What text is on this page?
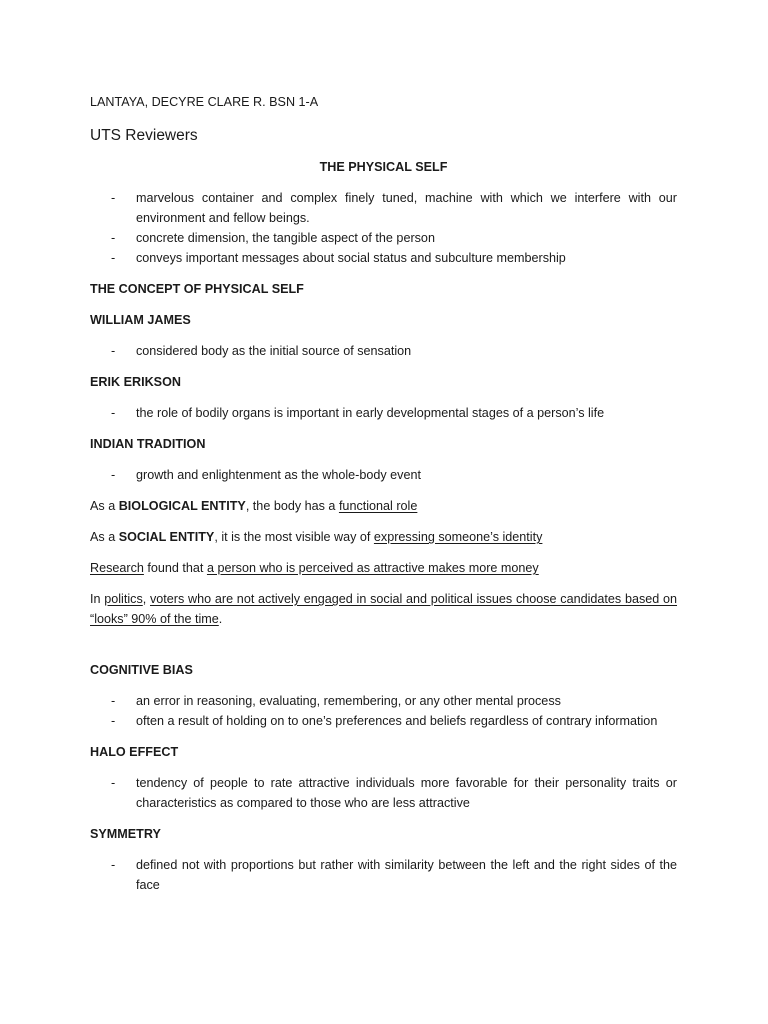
LANTAYA, DECYRE CLARE R. BSN 1-A

UTS Reviewers

THE PHYSICAL SELF

- marvelous container and complex finely tuned, machine with which we interfere with our environment and fellow beings.
- concrete dimension, the tangible aspect of the person
- conveys important messages about social status and subculture membership

THE CONCEPT OF PHYSICAL SELF

WILLIAM JAMES

- considered body as the initial source of sensation

ERIK ERIKSON

- the role of bodily organs is important in early developmental stages of a person’s life

INDIAN TRADITION

- growth and enlightenment as the whole-body event

As a BIOLOGICAL ENTITY, the body has a functional role

As a SOCIAL ENTITY, it is the most visible way of expressing someone’s identity

Research found that a person who is perceived as attractive makes more money

In politics, voters who are not actively engaged in social and political issues choose candidates based on “looks” 90% of the time.

COGNITIVE BIAS

- an error in reasoning, evaluating, remembering, or any other mental process
- often a result of holding on to one’s preferences and beliefs regardless of contrary information

HALO EFFECT

- tendency of people to rate attractive individuals more favorable for their personality traits or characteristics as compared to those who are less attractive

SYMMETRY

- defined not with proportions but rather with similarity between the left and the right sides of the face
